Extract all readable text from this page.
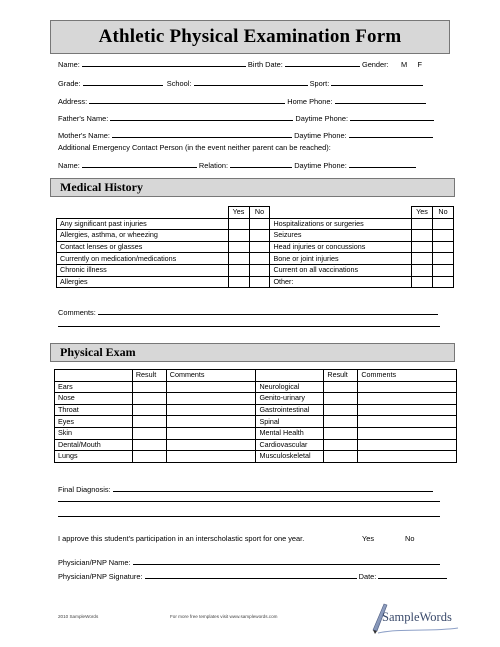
Athletic Physical Examination Form
Name:	Birth Date:	Gender: M F
Grade:	School:	Sport:
Address:	Home Phone:
Father's Name:	Daytime Phone:
Mother's Name:	Daytime Phone:
Additional Emergency Contact Person (in the event neither parent can be reached):
Name:	Relation:	Daytime Phone:
Medical History
	Yes	No		Yes	No
Any significant past injuries			Hospitalizations or surgeries		
Allergies, asthma, or wheezing			Seizures		
Contact lenses or glasses			Head injuries or concussions		
Currently on medication/medications			Bone or joint injuries		
Chronic illness			Current on all vaccinations		
Allergies			Other:		
Comments:
Physical Exam
	Result	Comments		Result	Comments
Ears			Neurological		
Nose			Genito-urinary		
Throat			Gastrointestinal		
Eyes			Spinal		
Skin			Mental Health		
Dental/Mouth			Cardiovascular		
Lungs			Musculoskeletal		
Final Diagnosis:
I approve this student's participation in an interscholastic sport for one year.	Yes	No
Physician/PNP Name:
Physician/PNP Signature:	Date:
2010 SampleWords	For more free templates visit www.samplewords.com	SampleWords
